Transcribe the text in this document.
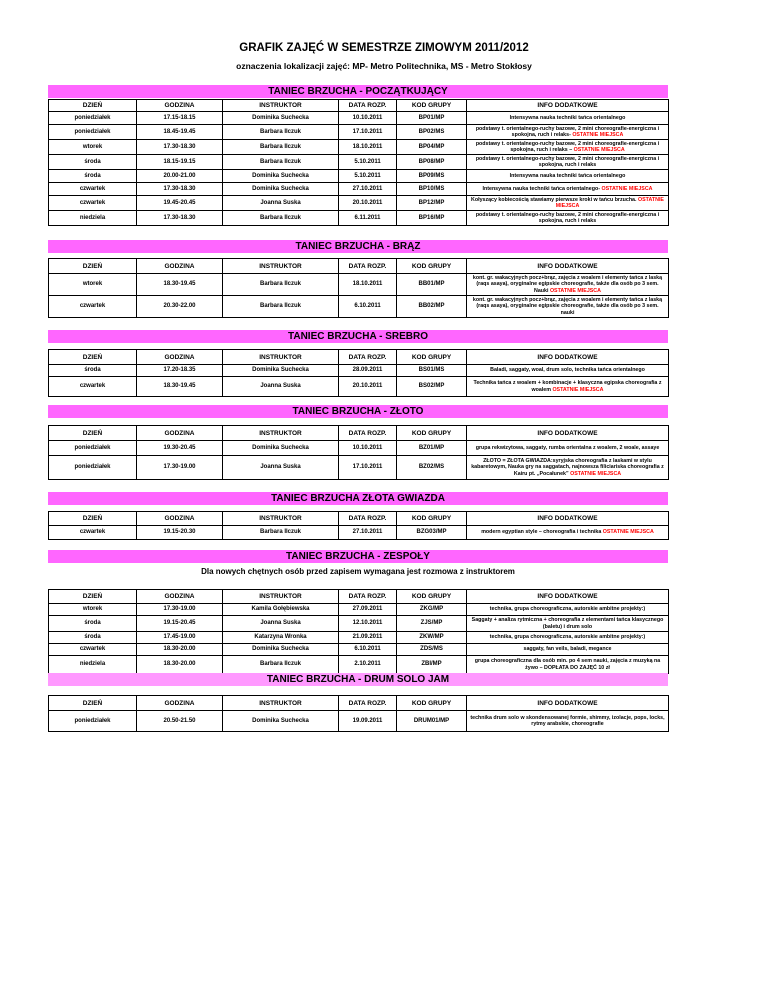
GRAFIK ZAJĘĆ W SEMESTRZE ZIMOWYM 2011/2012
oznaczenia lokalizacji zajęć: MP- Metro Politechnika, MS - Metro Stokłosy
TANIEC BRZUCHA - POCZĄTKUJĄCY
DZIEŃ	GODZINA	INSTRUKTOR	DATA ROZP.	KOD GRUPY	INFO DODATKOWE
poniedziałek	17.15-18.15	Dominika Suchecka	10.10.2011	BP01/MP	Intensywna nauka techniki tańca orientalnego
poniedziałek	18.45-19.45	Barbara Ilczuk	17.10.2011	BP02/MS	podstawy t. orientalnego-ruchy bazowe, 2 mini choreografie-energiczna i spokojna, ruch i relaks- OSTATNIE MIEJSCA
wtorek	17.30-18.30	Barbara Ilczuk	18.10.2011	BP04/MP	podstawy t. orientalnego-ruchy bazowe, 2 mini choreografie-energiczna i spokojna, ruch i relaks – OSTATNIE MIEJSCA
środa	18.15-19.15	Barbara Ilczuk	5.10.2011	BP08/MP	podstawy t. orientalnego-ruchy bazowe, 2 mini choreografie-energiczna i spokojna, ruch i relaks
środa	20.00-21.00	Dominika Suchecka	5.10.2011	BP09/MS	Intensywna nauka techniki tańca orientalnego
czwartek	17.30-18.30	Dominika Suchecka	27.10.2011	BP10/MS	Intensywna nauka techniki tańca orientalnego- OSTATNIE MIEJSCA
czwartek	19.45-20.45	Joanna Suska	20.10.2011	BP12/MP	Kołyszący kobiecością stawiamy pierwsze kroki w tańcu brzucha. OSTATNIE MIEJSCA
niedziela	17.30-18.30	Barbara Ilczuk	6.11.2011	BP16/MP	podstawy t. orientalnego-ruchy bazowe, 2 mini choreografie-energiczna i spokojna, ruch i relaks
TANIEC BRZUCHA - BRĄZ
DZIEŃ	GODZINA	INSTRUKTOR	DATA ROZP.	KOD GRUPY	INFO DODATKOWE
wtorek	18.30-19.45	Barbara Ilczuk	18.10.2011	BB01/MP	kont. gr. wakacyjnych pocz+brąz, zajęcia z woalem i elementy tańca z laską (raqs asaya), oryginalne egipskie choreografie, także dla osób po 3 sem. Nauki OSTATNIE MIEJSCA
czwartek	20.30-22.00	Barbara Ilczuk	6.10.2011	BB02/MP	kont. gr. wakacyjnych pocz+brąz, zajęcia z woalem i elementy tańca z laską (raqs asaya), oryginalne egipskie choreografie, także dla osób po 3 sem. nauki
TANIEC BRZUCHA - SREBRO
DZIEŃ	GODZINA	INSTRUKTOR	DATA ROZP.	KOD GRUPY	INFO DODATKOWE
środa	17.20-18.35	Dominika Suchecka	28.09.2011	BS01/MS	Baladi, saggaty, woal, drum solo, technika tańca orientalnego
czwartek	18.30-19.45	Joanna Suska	20.10.2011	BS02/MP	Technika tańca z woalem + kombinacje + klasyczna egipska choreografia z woalem OSTATNIE MIEJSCA
TANIEC BRZUCHA - ZŁOTO
DZIEŃ	GODZINA	INSTRUKTOR	DATA ROZP.	KOD GRUPY	INFO DODATKOWE
poniedziałek	19.30-20.45	Dominika Suchecka	10.10.2011	BZ01/MP	grupa rekwizytowa, saggaty, rumba orientalna z woalem, 2 woale, assaye
poniedziałek	17.30-19.00	Joanna Suska	17.10.2011	BZ02/MS	ZŁOTO = ZŁOTA GWIAZDA:syryjska choreografia z laskami w stylu kabaretowym, Nauka gry na saggatach, najnowsza filiciariska choreografia z Kairu pt. „Pocałunek” OSTATNIE MIEJSCA
TANIEC BRZUCHA ZŁOTA GWIAZDA
DZIEŃ	GODZINA	INSTRUKTOR	DATA ROZP.	KOD GRUPY	INFO DODATKOWE
czwartek	19.15-20.30	Barbara Ilczuk	27.10.2011	BZG03/MP	modern egyptian style – choreografia i technika OSTATNIE MIEJSCA
TANIEC BRZUCHA - ZESPOŁY
Dla nowych chętnych osób przed zapisem wymagana jest rozmowa z instruktorem
DZIEŃ	GODZINA	INSTRUKTOR	DATA ROZP.	KOD GRUPY	INFO DODATKOWE
wtorek	17.30-19.00	Kamila Gołębiewska	27.09.2011	ZKG/MP	technika, grupa choreograficzna, autorskie ambitne projekty:)
środa	19.15-20.45	Joanna Suska	12.10.2011	ZJS/MP	Saggaty + analiza rytmiczna + choreografia z elementami tańca klasycznego (baletu) i drum solo
środa	17.45-19.00	Katarzyna Wronka	21.09.2011	ZKW/MP	technika, grupa choreograficzna, autorskie ambitne projekty:)
czwartek	18.30-20.00	Dominika Suchecka	6.10.2011	ZDS/MS	saggaty, fan veils, baladi, megance
niedziela	18.30-20.00	Barbara Ilczuk	2.10.2011	ZBI/MP	grupa choreograficzna dla osób min. po 4 sem nauki, zajęcia z muzyką na żywo – DOPŁATA DO ZAJĘĆ 10 zł
TANIEC BRZUCHA - DRUM SOLO JAM
DZIEŃ	GODZINA	INSTRUKTOR	DATA ROZP.	KOD GRUPY	INFO DODATKOWE
poniedziałek	20.50-21.50	Dominika Suchecka	19.09.2011	DRUM01/MP	technika drum solo w skondensowanej formie, shimmy, izolacje, pops, locks, rytmy arabskie, choreografie
